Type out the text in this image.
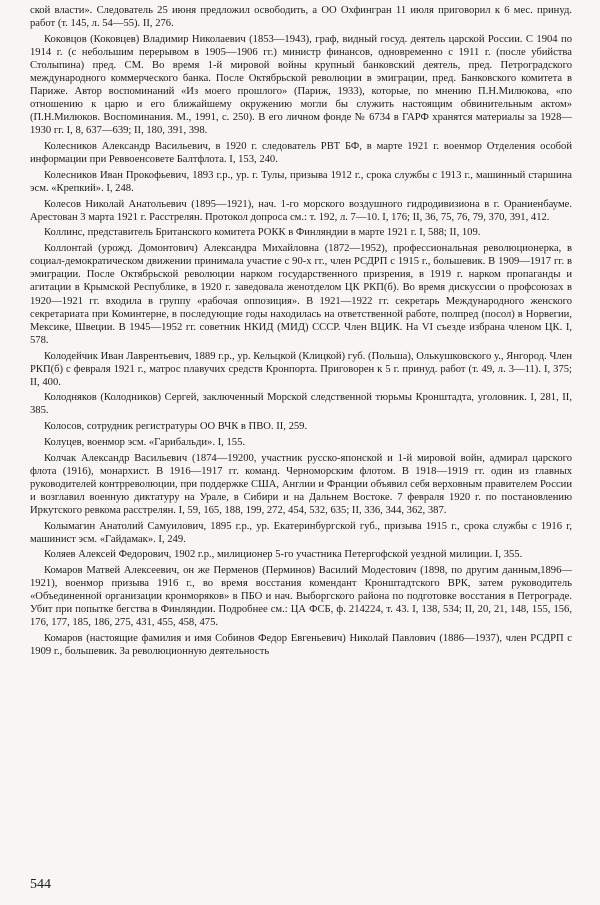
ской власти». Следователь 25 июня предложил освободить, а ОО Охфингран 11 июля приговорил к 6 мес. принуд. работ (т. 145, л. 54—55). II, 276.

Коковцов (Коковцев) Владимир Николаевич (1853—1943), граф, видный госуд. деятель царской России. С 1904 по 1914 г. (с небольшим перерывом в 1905—1906 гг.) министр финансов, одновременно с 1911 г. (после убийства Столыпина) пред. СМ. Во время 1-й мировой войны крупный банковский деятель, пред. Петроградского международного коммерческого банка. После Октябрьской революции в эмиграции, пред. Банковского комитета в Париже. Автор воспоминаний «Из моего прошлого» (Париж, 1933), которые, по мнению П.Н.Милюкова, «по отношению к царю и его ближайшему окружению могли бы служить настоящим обвинительным актом» (П.Н.Милюков. Воспоминания. М., 1991, с. 250). В его личном фонде № 6734 в ГАРФ хранятся материалы за 1928—1930 гг. I, 8, 637—639; II, 180, 391, 398.

Колесников Александр Васильевич, в 1920 г. следователь РВТ БФ, в марте 1921 г. военмор Отделения особой информации при Реввоенсовете Балтфлота. I, 153, 240.

Колесников Иван Прокофьевич, 1893 г.р., ур. г. Тулы, призыва 1912 г., срока службы с 1913 г., машинный старшина эсм. «Крепкий». I, 248.

Колесов Николай Анатольевич (1895—1921), нач. 1-го морского воздушного гидродивизиона в г. Ораниенбауме. Арестован 3 марта 1921 г. Расстрелян. Протокол допроса см.: т. 192, л. 7—10. I, 176; II, 36, 75, 76, 79, 370, 391, 412.

Коллинс, представитель Британского комитета РОКК в Финляндии в марте 1921 г. I, 588; II, 109.

Коллонтай (урожд. Домонтович) Александра Михайловна (1872—1952), профессиональная революционерка, в социал-демократическом движении принимала участие с 90-х гг., член РСДРП с 1915 г., большевик. В 1909—1917 гг. в эмиграции. После Октябрьской революции нарком государственного призрения, в 1919 г. нарком пропаганды и агитации в Крымской Республике, в 1920 г. заведовала женотделом ЦК РКП(б). Во время дискуссии о профсоюзах в 1920—1921 гг. входила в группу «рабочая оппозиция». В 1921—1922 гг. секретарь Международного женского секретариата при Коминтерне, в последующие годы находилась на ответственной работе, полпред (посол) в Норвегии, Мексике, Швеции. В 1945—1952 гг. советник НКИД (МИД) СССР. Член ВЦИК. На VI съезде избрана членом ЦК. I, 578.

Колодейчик Иван Лаврентьевич, 1889 г.р., ур. Кельцкой (Клицкой) губ. (Польша), Олькушковского у., Янгород. Член РКП(б) с февраля 1921 г., матрос плавучих средств Кронпорта. Приговорен к 5 г. принуд. работ (т. 49, л. 3—11). I, 375; II, 400.

Колодняков (Колодников) Сергей, заключенный Морской следственной тюрьмы Кронштадта, уголовник. I, 281, II, 385.

Колосов, сотрудник регистратуры ОО ВЧК в ПВО. II, 259.

Колуцев, военмор эсм. «Гарибальди». I, 155.

Колчак Александр Васильевич (1874—19200, участник русско-японской и 1-й мировой войн, адмирал царского флота (1916), монархист. В 1916—1917 гг. команд. Черноморским флотом. В 1918—1919 гг. один из главных руководителей контрреволюции, при поддержке США, Англии и Франции объявил себя верховным правителем России и возглавил военную диктатуру на Урале, в Сибири и на Дальнем Востоке. 7 февраля 1920 г. по постановлению Иркутского ревкома расстрелян. I, 59, 165, 188, 199, 272, 454, 532, 635; II, 336, 344, 362, 387.

Колымагин Анатолий Самуилович, 1895 г.р., ур. Екатеринбургской губ., призыва 1915 г., срока службы с 1916 г, машинист эсм. «Гайдамак». I, 249.

Коляев Алексей Федорович, 1902 г.р., милиционер 5-го участника Петергофской уездной милиции. I, 355.

Комаров Матвей Алексеевич, он же Перменов (Перминов) Василий Модестович (1898, по другим данным,1896—1921), военмор призыва 1916 г., во время восстания комендант Кронштадтского ВРК, затем руководитель «Объединенной организации кронморяков» в ПБО и нач. Выборгского района по подготовке восстания в Петрограде. Убит при попытке бегства в Финляндии. Подробнее см.: ЦА ФСБ, ф. 214224, т. 43. I, 138, 534; II, 20, 21, 148, 155, 156, 176, 177, 185, 186, 275, 431, 455, 458, 475.

Комаров (настоящие фамилия и имя Собинов Федор Евгеньевич) Николай Павлович (1886—1937), член РСДРП с 1909 г., большевик. За революционную деятельность

544
